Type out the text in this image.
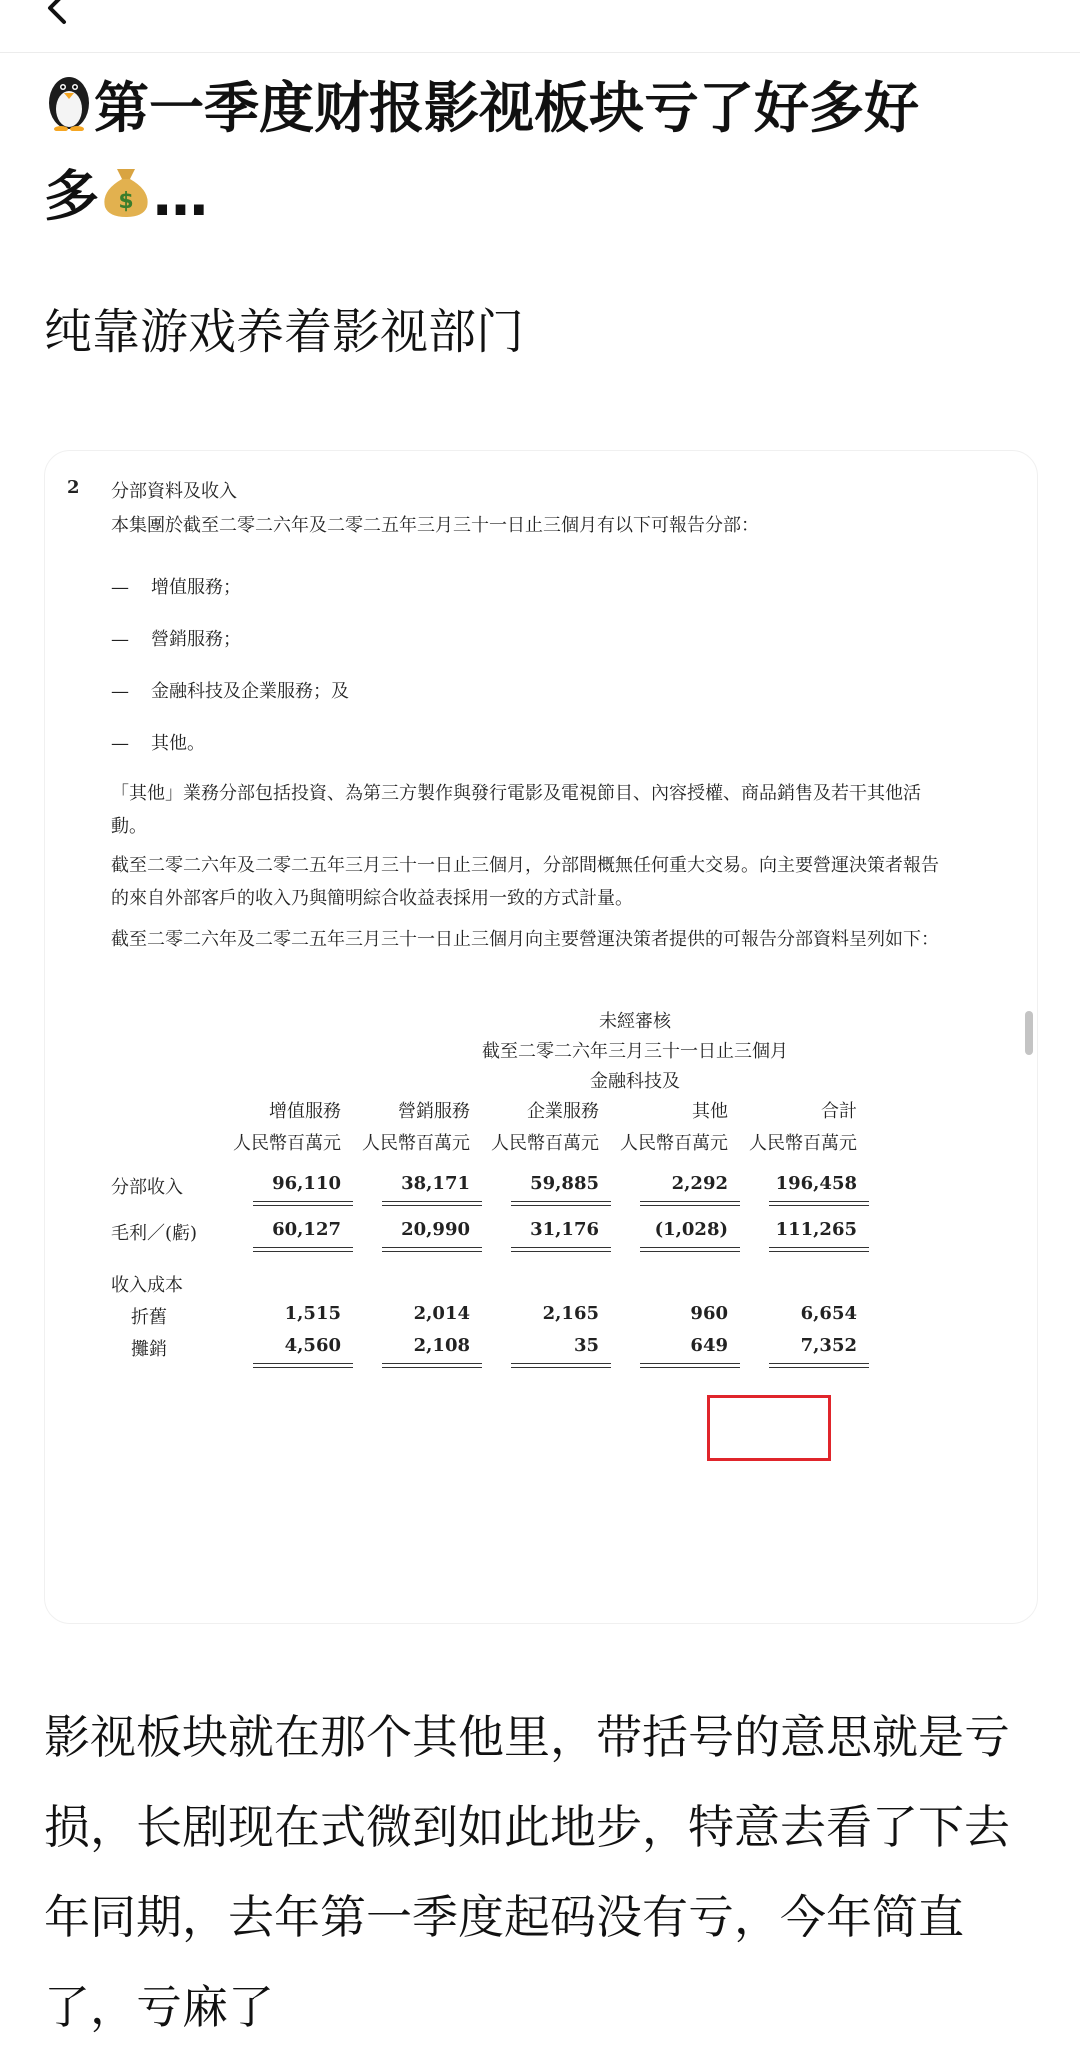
第一季度财报影视板块亏了好多好
多 $ …

纯靠游戏养着影视部门

2 分部資料及收入

本集團於截至二零二六年及二零二五年三月三十一日止三個月有以下可報告分部：

— 增值服務；
— 營銷服務；
— 金融科技及企業服務；及
— 其他。

「其他」業務分部包括投資、為第三方製作與發行電影及電視節目、內容授權、商品銷售及若干其他活動。

截至二零二六年及二零二五年三月三十一日止三個月，分部間概無任何重大交易。向主要營運決策者報告的來自外部客戶的收入乃與簡明綜合收益表採用一致的方式計量。

截至二零二六年及二零二五年三月三十一日止三個月向主要營運決策者提供的可報告分部資料呈列如下：

未經審核
截至二零二六年三月三十一日止三個月
金融科技及
增值服務	營銷服務	企業服務	其他	合計
人民幣百萬元	人民幣百萬元	人民幣百萬元	人民幣百萬元	人民幣百萬元
分部收入	96,110	38,171	59,885	2,292	196,458
毛利／(虧)	60,127	20,990	31,176	(1,028)	111,265
收入成本
折舊	1,515	2,014	2,165	960	6,654
攤銷	4,560	2,108	35	649	7,352

影视板块就在那个其他里，带括号的意思就是亏损，长剧现在式微到如此地步，特意去看了下去年同期，去年第一季度起码没有亏，今年简直了，亏麻了
